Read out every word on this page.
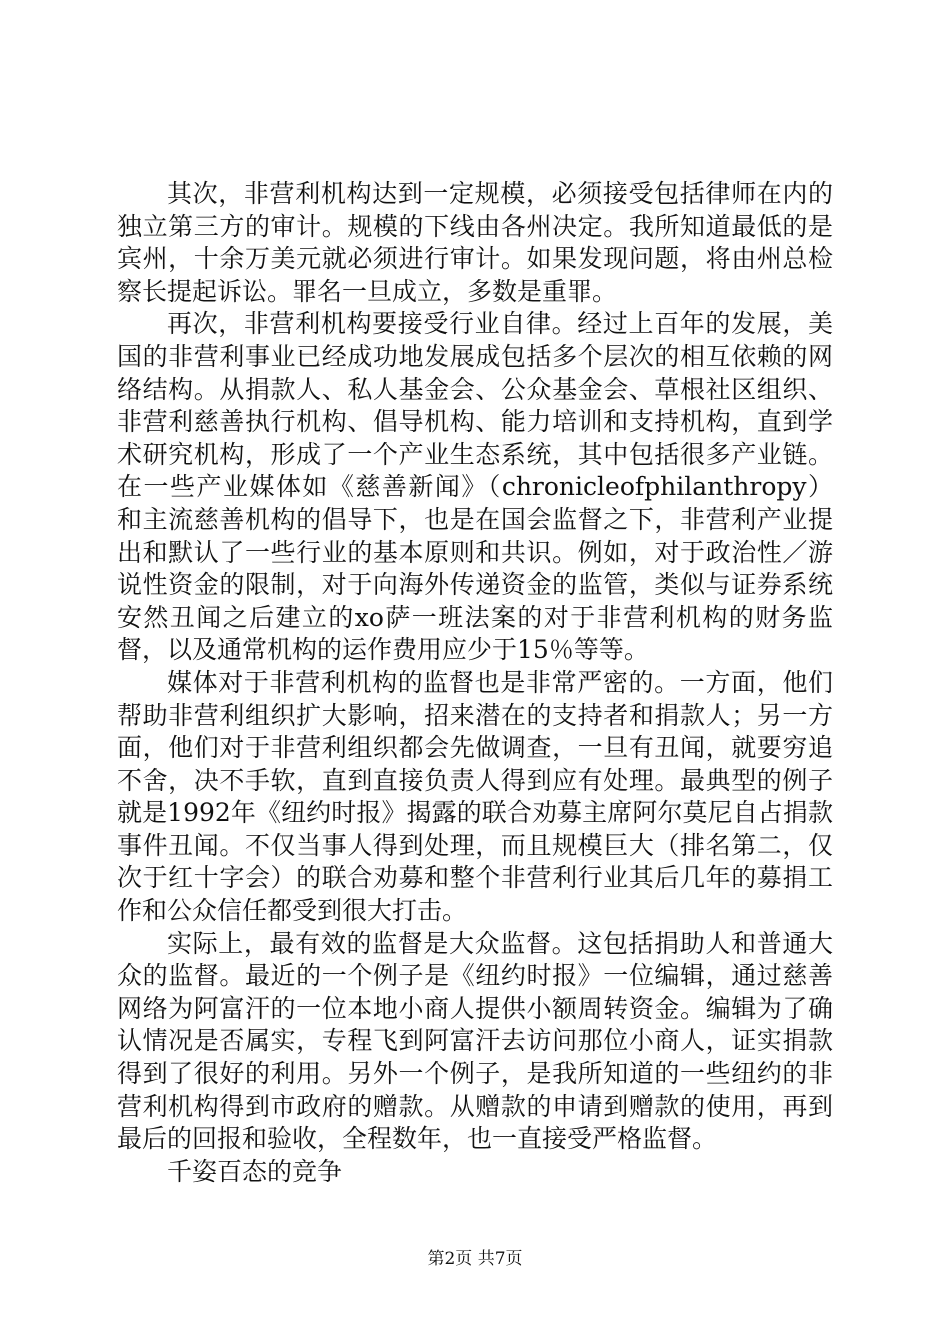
其次，非营利机构达到一定规模，必须接受包括律师在内的独立第三方的审计。规模的下线由各州决定。我所知道最低的是宾州，十余万美元就必须进行审计。如果发现问题，将由州总检察长提起诉讼。罪名一旦成立，多数是重罪。

再次，非营利机构要接受行业自律。经过上百年的发展，美国的非营利事业已经成功地发展成包括多个层次的相互依赖的网络结构。从捐款人、私人基金会、公众基金会、草根社区组织、非营利慈善执行机构、倡导机构、能力培训和支持机构，直到学术研究机构，形成了一个产业生态系统，其中包括很多产业链。在一些产业媒体如《慈善新闻》（chronicleofphilanthropy）和主流慈善机构的倡导下，也是在国会监督之下，非营利产业提出和默认了一些行业的基本原则和共识。例如，对于政治性／游说性资金的限制，对于向海外传递资金的监管，类似与证券系统安然丑闻之后建立的xo萨一班法案的对于非营利机构的财务监督，以及通常机构的运作费用应少于15％等等。

媒体对于非营利机构的监督也是非常严密的。一方面，他们帮助非营利组织扩大影响，招来潜在的支持者和捐款人；另一方面，他们对于非营利组织都会先做调查，一旦有丑闻，就要穷追不舍，决不手软，直到直接负责人得到应有处理。最典型的例子就是1992年《纽约时报》揭露的联合劝募主席阿尔莫尼自占捐款事件丑闻。不仅当事人得到处理，而且规模巨大（排名第二，仅次于红十字会）的联合劝募和整个非营利行业其后几年的募捐工作和公众信任都受到很大打击。

实际上，最有效的监督是大众监督。这包括捐助人和普通大众的监督。最近的一个例子是《纽约时报》一位编辑，通过慈善网络为阿富汗的一位本地小商人提供小额周转资金。编辑为了确认情况是否属实，专程飞到阿富汗去访问那位小商人，证实捐款得到了很好的利用。另外一个例子，是我所知道的一些纽约的非营利机构得到市政府的赠款。从赠款的申请到赠款的使用，再到最后的回报和验收，全程数年，也一直接受严格监督。

千姿百态的竞争

第2页 共7页
